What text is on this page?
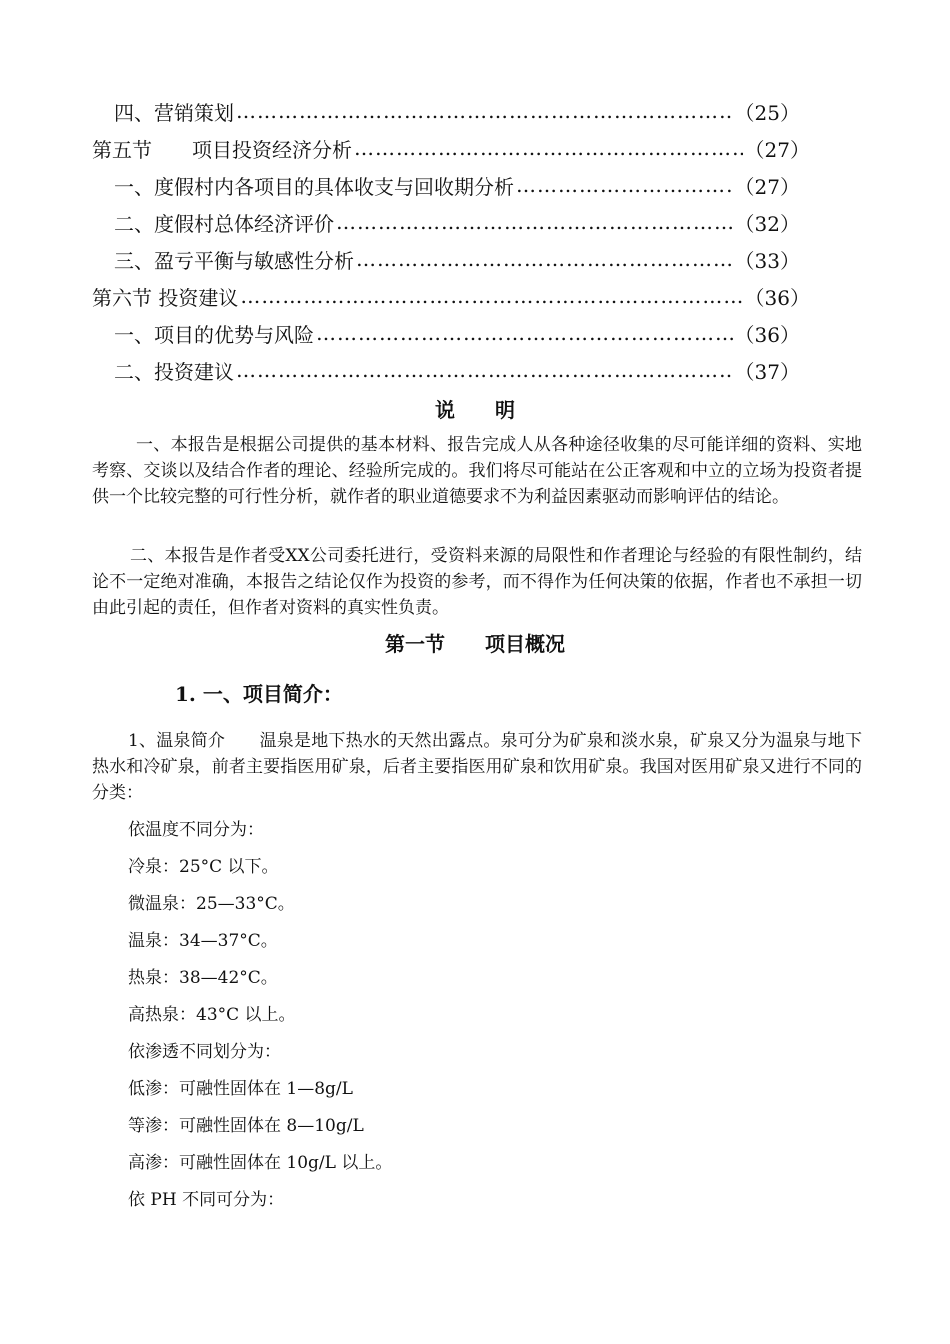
四、营销策划 ………………………………………………………………………………………………………………………………………………………………………………	（25）
第五节　　项目投资经济分析 ………………………………………………………………………………………………………………………………………………………………………………	（27）
一、度假村内各项目的具体收支与回收期分析 ………………………………………………………………………………………………………………………………………………………………………………	（27）
二、度假村总体经济评价 ………………………………………………………………………………………………………………………………………………………………………………	（32）
三、盈亏平衡与敏感性分析 ………………………………………………………………………………………………………………………………………………………………………………	（33）
第六节 投资建议 ………………………………………………………………………………………………………………………………………………………………………………	（36）
一、项目的优势与风险 ………………………………………………………………………………………………………………………………………………………………………………	（36）
二、投资建议 ………………………………………………………………………………………………………………………………………………………………………………	（37）
说　　明
一、本报告是根据公司提供的基本材料、报告完成人从各种途径收集的尽可能详细的资料、实地考察、交谈以及结合作者的理论、经验所完成的。我们将尽可能站在公正客观和中立的立场为投资者提供一个比较完整的可行性分析，就作者的职业道德要求不为利益因素驱动而影响评估的结论。
二、本报告是作者受XX公司委托进行，受资料来源的局限性和作者理论与经验的有限性制约，结论不一定绝对准确，本报告之结论仅作为投资的参考，而不得作为任何决策的依据，作者也不承担一切由此引起的责任，但作者对资料的真实性负责。
第一节　　项目概况
1. 一、项目简介：
1、温泉简介　　温泉是地下热水的天然出露点。泉可分为矿泉和淡水泉，矿泉又分为温泉与地下热水和冷矿泉，前者主要指医用矿泉，后者主要指医用矿泉和饮用矿泉。我国对医用矿泉又进行不同的分类：
依温度不同分为：
冷泉：25°C 以下。
微温泉：25—33°C。
温泉：34—37°C。
热泉：38—42°C。
高热泉：43°C 以上。
依渗透不同划分为：
低渗：可融性固体在 1—8g/L
等渗：可融性固体在 8—10g/L
高渗：可融性固体在 10g/L 以上。
依 PH 不同可分为：
